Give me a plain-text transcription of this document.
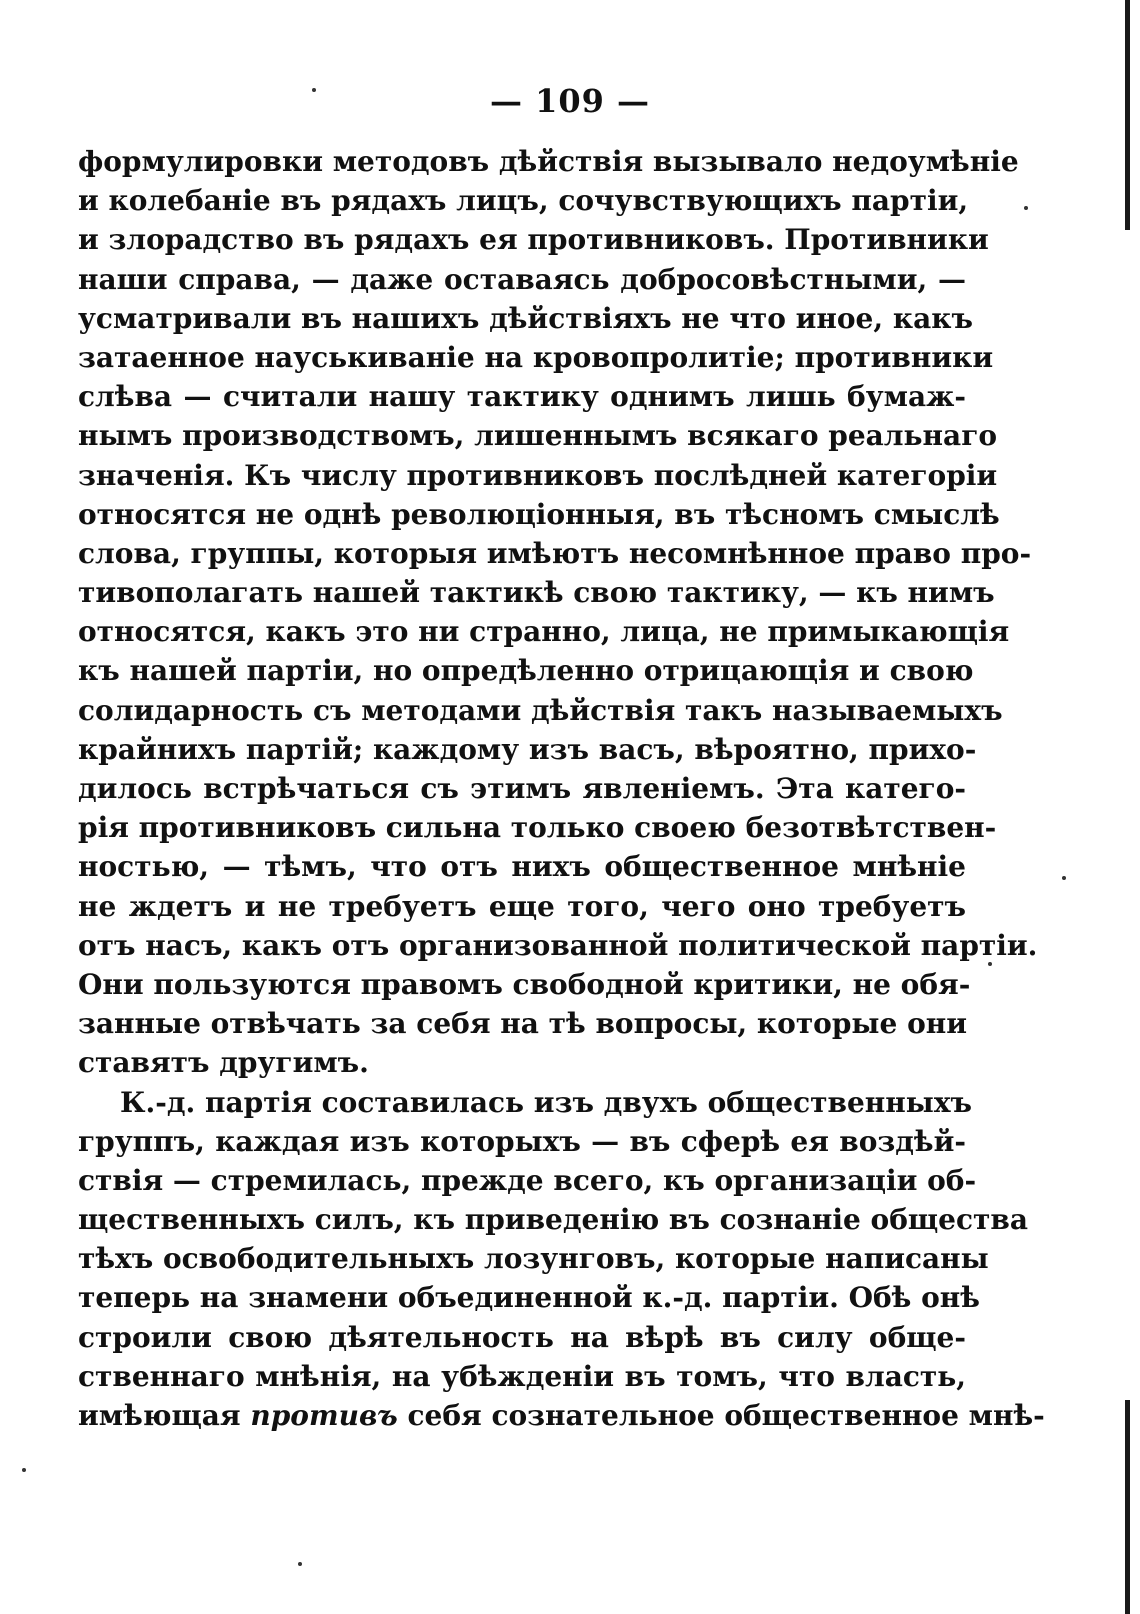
— 109 —
формулировки методовъ дѣйствія вызывало недоумѣніе
и колебаніе въ рядахъ лицъ, сочувствующихъ партіи,
и злорадство въ рядахъ ея противниковъ. Противники
наши справа, — даже оставаясь добросовѣстными, —
усматривали въ нашихъ дѣйствіяхъ не что иное, какъ
затаенное науськиваніе на кровопролитіе; противники
слѣва — считали нашу тактику однимъ лишь бумаж-
нымъ производствомъ, лишеннымъ всякаго реальнаго
значенія. Къ числу противниковъ послѣдней категоріи
относятся не однѣ революціонныя, въ тѣсномъ смыслѣ
слова, группы, которыя имѣютъ несомнѣнное право про-
тивополагать нашей тактикѣ свою тактику, — къ нимъ
относятся, какъ это ни странно, лица, не примыкающія
къ нашей партіи, но опредѣленно отрицающія и свою
солидарность съ методами дѣйствія такъ называемыхъ
крайнихъ партій; каждому изъ васъ, вѣроятно, прихо-
дилось встрѣчаться съ этимъ явленіемъ. Эта катего-
рія противниковъ сильна только своею безотвѣтствен-
ностью, — тѣмъ, что отъ нихъ общественное мнѣніе
не ждетъ и не требуетъ еще того, чего оно требуетъ
отъ насъ, какъ отъ организованной политической партіи.
Они пользуются правомъ свободной критики, не обя-
занные отвѣчать за себя на тѣ вопросы, которые они
ставятъ другимъ.
К.-д. партія составилась изъ двухъ общественныхъ
группъ, каждая изъ которыхъ — въ сферѣ ея воздѣй-
ствія — стремилась, прежде всего, къ организаціи об-
щественныхъ силъ, къ приведенію въ сознаніе общества
тѣхъ освободительныхъ лозунговъ, которые написаны
теперь на знамени объединенной к.-д. партіи. Обѣ онѣ
строили свою дѣятельность на вѣрѣ въ силу обще-
ственнаго мнѣнія, на убѣжденіи въ томъ, что власть,
имѣющая противъ себя сознательное общественное мнѣ-
